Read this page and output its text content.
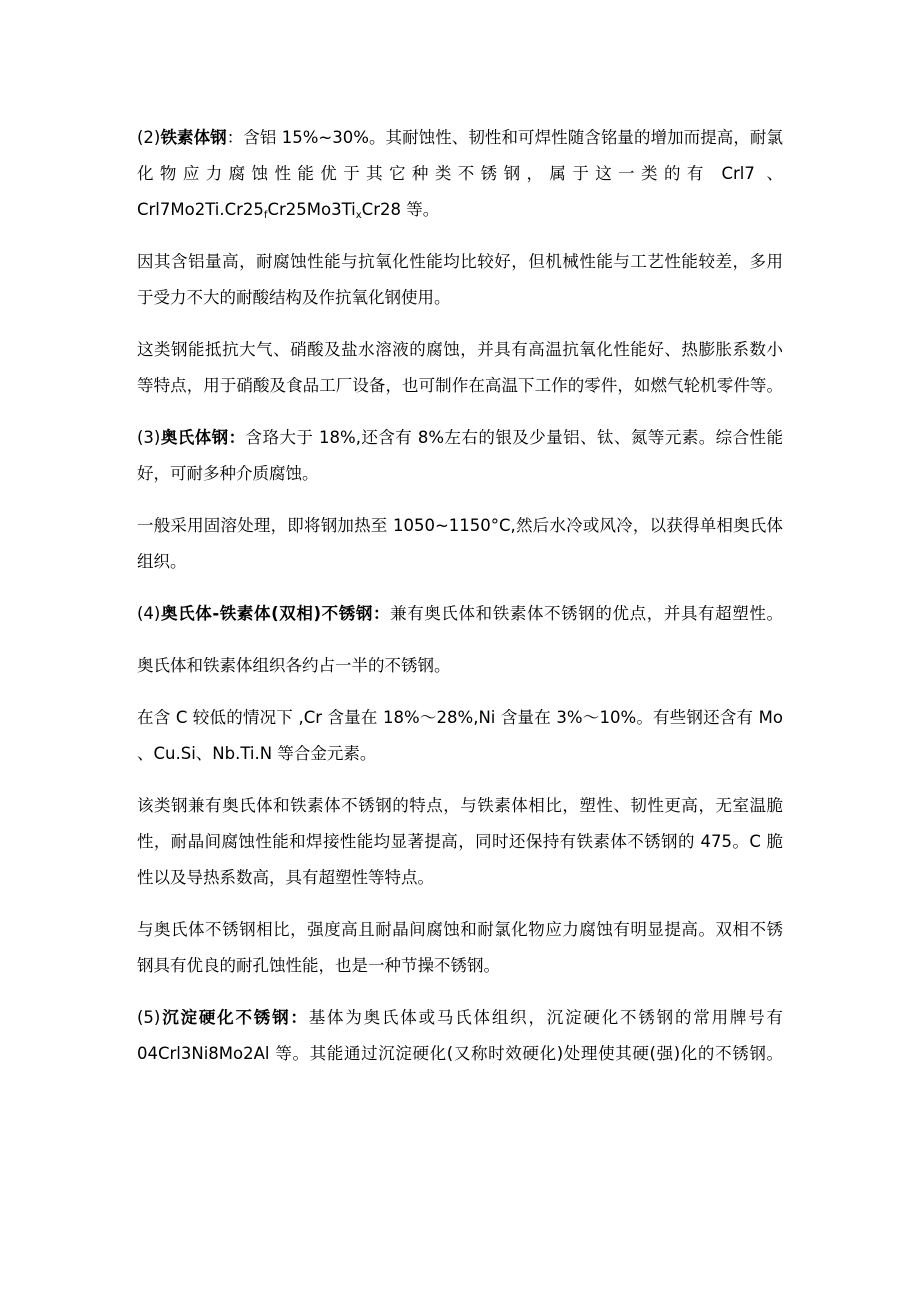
(2)铁素体钢：含铝 15%~30%。其耐蚀性、韧性和可焊性随含铭量的增加而提高，耐氯
化物应力腐蚀性能优于其它种类不锈钢，属于这一类的有 Crl7 、
$Crl7Mo2Ti.Cr25_fCr25Mo3Ti_xCr28$ 等。

因其含铝量高，耐腐蚀性能与抗氧化性能均比较好，但机械性能与工艺性能较差，多用
于受力不大的耐酸结构及作抗氧化钢使用。

这类钢能抵抗大气、硝酸及盐水溶液的腐蚀，并具有高温抗氧化性能好、热膨胀系数小
等特点，用于硝酸及食品工厂设备，也可制作在高温下工作的零件，如燃气轮机零件等。

(3)奥氏体钢：含珞大于 18%,还含有 8%左右的银及少量铝、钛、氮等元素。综合性能
好，可耐多种介质腐蚀。

一般采用固溶处理，即将钢加热至 1050~1150°C,然后水冷或风冷，以获得单相奥氏体
组织。

(4)奥氏体-铁素体(双相)不锈钢：兼有奥氏体和铁素体不锈钢的优点，并具有超塑性。

奥氏体和铁素体组织各约占一半的不锈钢。

在含 C 较低的情况下 ,Cr 含量在 18%～28%,Ni 含量在 3%～10%。有些钢还含有 Mo
、Cu.Si、Nb.Ti.N 等合金元素。

该类钢兼有奥氏体和铁素体不锈钢的特点，与铁素体相比，塑性、韧性更高，无室温脆
性，耐晶间腐蚀性能和焊接性能均显著提高，同时还保持有铁素体不锈钢的 475。C 脆
性以及导热系数高，具有超塑性等特点。

与奥氏体不锈钢相比，强度高且耐晶间腐蚀和耐氯化物应力腐蚀有明显提高。双相不锈
钢具有优良的耐孔蚀性能，也是一种节操不锈钢。

(5)沉淀硬化不锈钢：基体为奥氏体或马氏体组织，沉淀硬化不锈钢的常用牌号有
04Crl3Ni8Mo2Al 等。其能通过沉淀硬化(又称时效硬化)处理使其硬(强)化的不锈钢。
